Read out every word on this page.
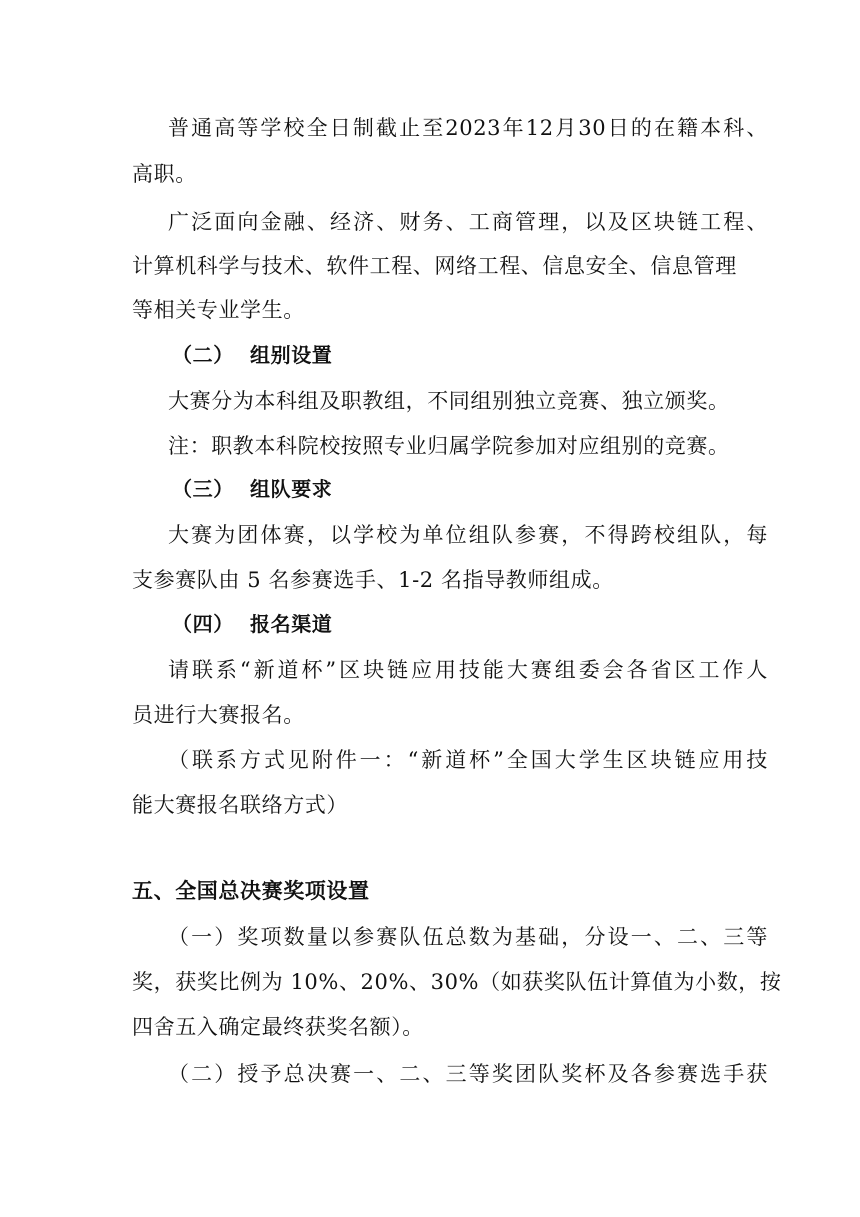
普通高等学校全日制截止至2023年12月30日的在籍本科、
高职。
广泛面向金融、经济、财务、工商管理，以及区块链工程、
计算机科学与技术、软件工程、网络工程、信息安全、信息管理
等相关专业学生。
（二） 组别设置
大赛分为本科组及职教组，不同组别独立竞赛、独立颁奖。
注：职教本科院校按照专业归属学院参加对应组别的竞赛。
（三） 组队要求
大赛为团体赛，以学校为单位组队参赛，不得跨校组队，每
支参赛队由 5 名参赛选手、1-2 名指导教师组成。
（四） 报名渠道
请联系“新道杯”区块链应用技能大赛组委会各省区工作人
员进行大赛报名。
（联系方式见附件一：“新道杯”全国大学生区块链应用技
能大赛报名联络方式）
五、全国总决赛奖项设置
（一）奖项数量以参赛队伍总数为基础，分设一、二、三等
奖，获奖比例为 10%、20%、30%（如获奖队伍计算值为小数，按
四舍五入确定最终获奖名额）。
（二）授予总决赛一、二、三等奖团队奖杯及各参赛选手获
